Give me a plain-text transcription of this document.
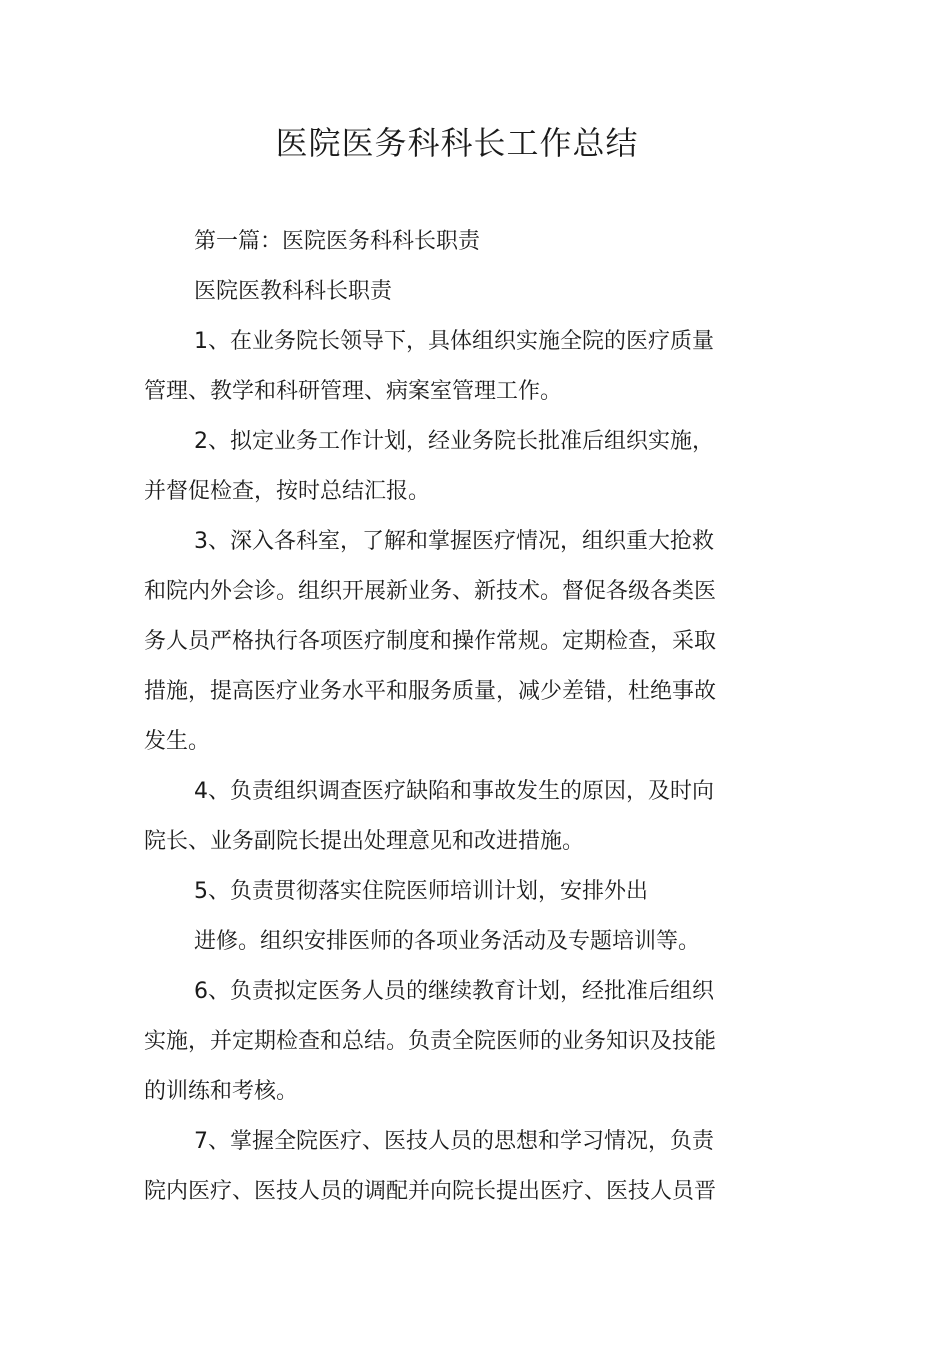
医院医务科科长工作总结

第一篇：医院医务科科长职责

医院医教科科长职责

1、在业务院长领导下，具体组织实施全院的医疗质量

管理、教学和科研管理、病案室管理工作。

2、拟定业务工作计划，经业务院长批准后组织实施，

并督促检查，按时总结汇报。

3、深入各科室，了解和掌握医疗情况，组织重大抢救

和院内外会诊。组织开展新业务、新技术。督促各级各类医

务人员严格执行各项医疗制度和操作常规。定期检查，采取

措施，提高医疗业务水平和服务质量，减少差错，杜绝事故

发生。

4、负责组织调查医疗缺陷和事故发生的原因，及时向

院长、业务副院长提出处理意见和改进措施。

5、负责贯彻落实住院医师培训计划，安排外出

进修。组织安排医师的各项业务活动及专题培训等。

6、负责拟定医务人员的继续教育计划，经批准后组织

实施，并定期检查和总结。负责全院医师的业务知识及技能

的训练和考核。

7、掌握全院医疗、医技人员的思想和学习情况，负责

院内医疗、医技人员的调配并向院长提出医疗、医技人员晋
